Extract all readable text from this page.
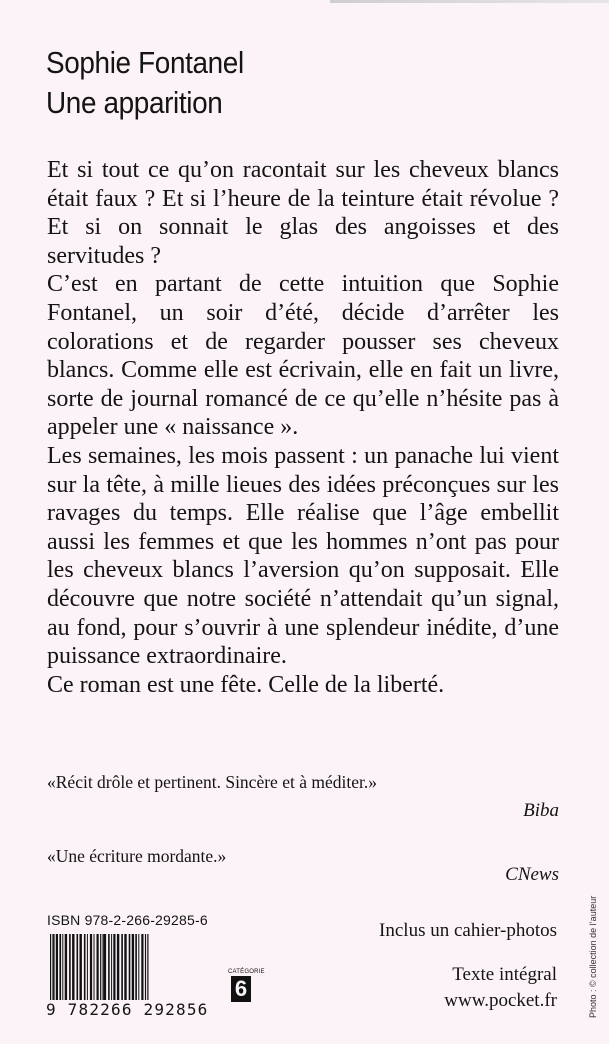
Sophie Fontanel
Une apparition

Et si tout ce qu’on racontait sur les cheveux blancs était faux ? Et si l’heure de la teinture était révolue ? Et si on sonnait le glas des angoisses et des servitudes ?

C’est en partant de cette intuition que Sophie Fontanel, un soir d’été, décide d’arrêter les colorations et de regarder pousser ses cheveux blancs. Comme elle est écrivain, elle en fait un livre, sorte de journal romancé de ce qu’elle n’hésite pas à appeler une « naissance ».

Les semaines, les mois passent : un panache lui vient sur la tête, à mille lieues des idées préconçues sur les ravages du temps. Elle réalise que l’âge embellit aussi les femmes et que les hommes n’ont pas pour les cheveux blancs l’aversion qu’on supposait. Elle découvre que notre société n’attendait qu’un signal, au fond, pour s’ouvrir à une splendeur inédite, d’une puissance extraordinaire.

Ce roman est une fête. Celle de la liberté.

«Récit drôle et pertinent. Sincère et à méditer.»
Biba
«Une écriture mordante.»
CNews
ISBN 978-2-266-29285-6
9 782266 292856
CATÉGORIE
6
Inclus un cahier-photos
Texte intégral
www.pocket.fr	Photo : © collection de l’auteur
